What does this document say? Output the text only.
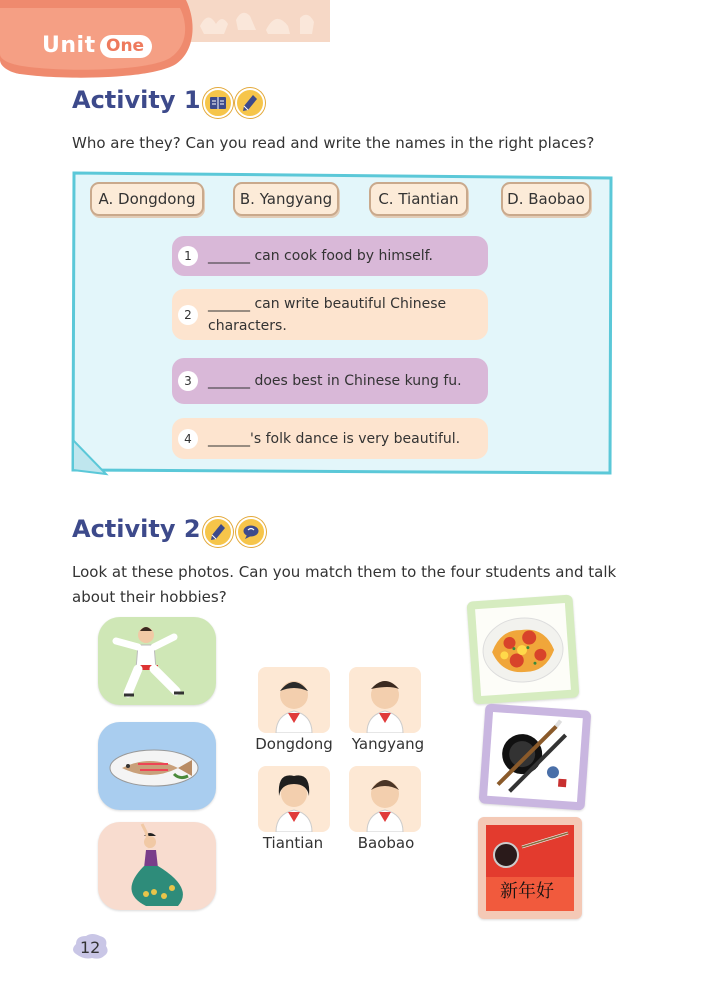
Unit One
Activity 1
Who are they? Can you read and write the names in the right places?
A. Dongdong	B. Yangyang	C. Tiantian	D. Baobao
1	______ can cook food by himself.
2
______ can write beautiful Chinese
characters.
3	______ does best in Chinese kung fu.
4	______'s folk dance is very beautiful.
Activity 2
Look at these photos. Can you match them to the four students and talk
about their hobbies?
Dongdong	Yangyang
Tiantian	Baobao
新年好
12
